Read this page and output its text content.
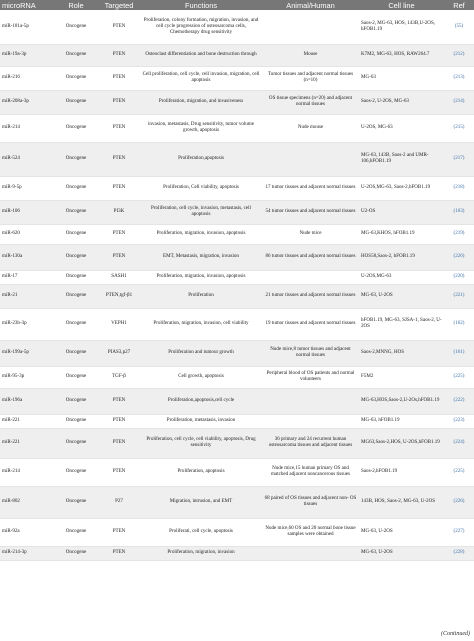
microRNA	Role	Targeted	Functions	Animal/Human	Cell line	Ref
miR-181a-5p	Oncogene	PTEN	Proliferation, colony formation, migration, invasion, and cell cycle progression of osteosarcoma cells, Chemotherapy drug sensitivity		Saos-2, MG-63, HOS, 143B,U-2OS, hFOB1.19	(55)
miR-19a-3p	Oncogene	PTEN	Osteoclast differentiation and bone destruction through	Mouse	K7M2, MG-63, HOS, RAW264.7	(212)
miR-216	Oncogene	PTEN	Cell proliferation, cell cycle, cell invasion, migration, cell apoptosis	Tumor tissues and adjacent normal tissues (n=10)	MG-63	(213)
miR-208a-3p	Oncogene	PTEN	Proliferation, migration, and invasiveness	OS tissue specimens (n=20) and adjacent normal tissues	Saos-2, U-2OS, MG-63	(214)
miR-214	Oncogene	PTEN	invasion, metastasis, Drug sensitivity, tumor volume growth, apoptosis	Nude mouse	U-2OS, MG-63	(215)
miR-524	Oncogene	PTEN	Proliferation,apoptosis		MG-63, 143B, Saos-2 and UMR-106,hFOB1.19	(217)
miR-9-5p	Oncogene	PTEN	Proliferation, Cell viability, apoptosis	17 tumor tissues and adjacent normal tissues	U-2OS,MG-63, Saos-2,hFOB1.19	(218)
miR-106	Oncogene	PI3K	Proliferation, cell cycle, invasion, metastasis, cell apoptosis	54 tumor tissues and adjacent normal tissues	U2-OS	(163)
miR-620	Oncogene	PTEN	Proliferation, migration, invasion, apoptosis	Nude mice	MG-63,KHOS, hFOB1.19	(219)
miR-130a	Oncogene	PTEN	EMT, Metastasis, migration, invasion	86 tumor tissues and adjacent normal tissues	HOS58,Saos-2, hFOB1.19	(226)
miR-17	Oncogene	SASH1	Proliferation, migration, invasion, apoptosis		U-2OS,MG-63	(220)
miR-21	Oncogene	PTEN,tgf-β1	Proliferation	21 tumor tissues and adjacent normal tissues	MG-63, U-2OS	(221)
miR-23b-3p	Oncogene	VEPH1	Proliferation, migration, invasion, cell viability	19 tumor tissues and adjacent normal tissues	hFOB1.19, MG-63, SJSA-1, Saos-2, U-2OS	(162)
miR-199a-5p	Oncogene	PIAS3,p27	Proliferation and tumour growth	Nude mice,8 tumor tissues and adjacent normal tissues	Saos-2,MNNG, HOS	(161)
miR-95-3p	Oncogene	TGF-β	Cell growth, apoptosis	Peripheral blood of OS patients and normal volunteers	F5M2	(225)
miR-196a	Oncogene	PTEN	Proliferation,apoptosis,cell cycle		MG-63,HOS,Saos-2,U-2Os,hFOB1.19	(222)
miR-221	Oncogene	PTEN	Proliferation, metastasis, invasion		MG-63, hFOB1.19	(223)
miR-221	Oncogene	PTEN	Proliferation, cell cycle, cell viability, apoptosis, Drug sensitivity	36 primary and 24 recurrent human osteosarcoma tissues and adjacent tissues	MG63,Saos-2,HOS, U-2OS,hFOB1.19	(224)
miR-214	Oncogene	PTEN	Proliferation, apoptosis	Nude mice,15 human primary OS and matched adjacent noncancerous tissues	Saos-2,hFOB1.19	(225)
miR-802	Oncogene	P27	Migration, intrusion, and EMT	68 paired of OS tissues and adjacent non- OS tissues	143B, HOS, Saos-2, MG-63, U-2OS	(226)
miR-92a	Oncogene	PTEN	Proliferati, cell cycle, apoptosis	Nude mice,60 OS and 20 normal bone tissue samples were obtained	MG-63, U-2OS	(227)
miR-214-3p	Oncogene	PTEN	Proliferation, migration, invasion		MG-63, U-2OS	(228)
(Continued)
